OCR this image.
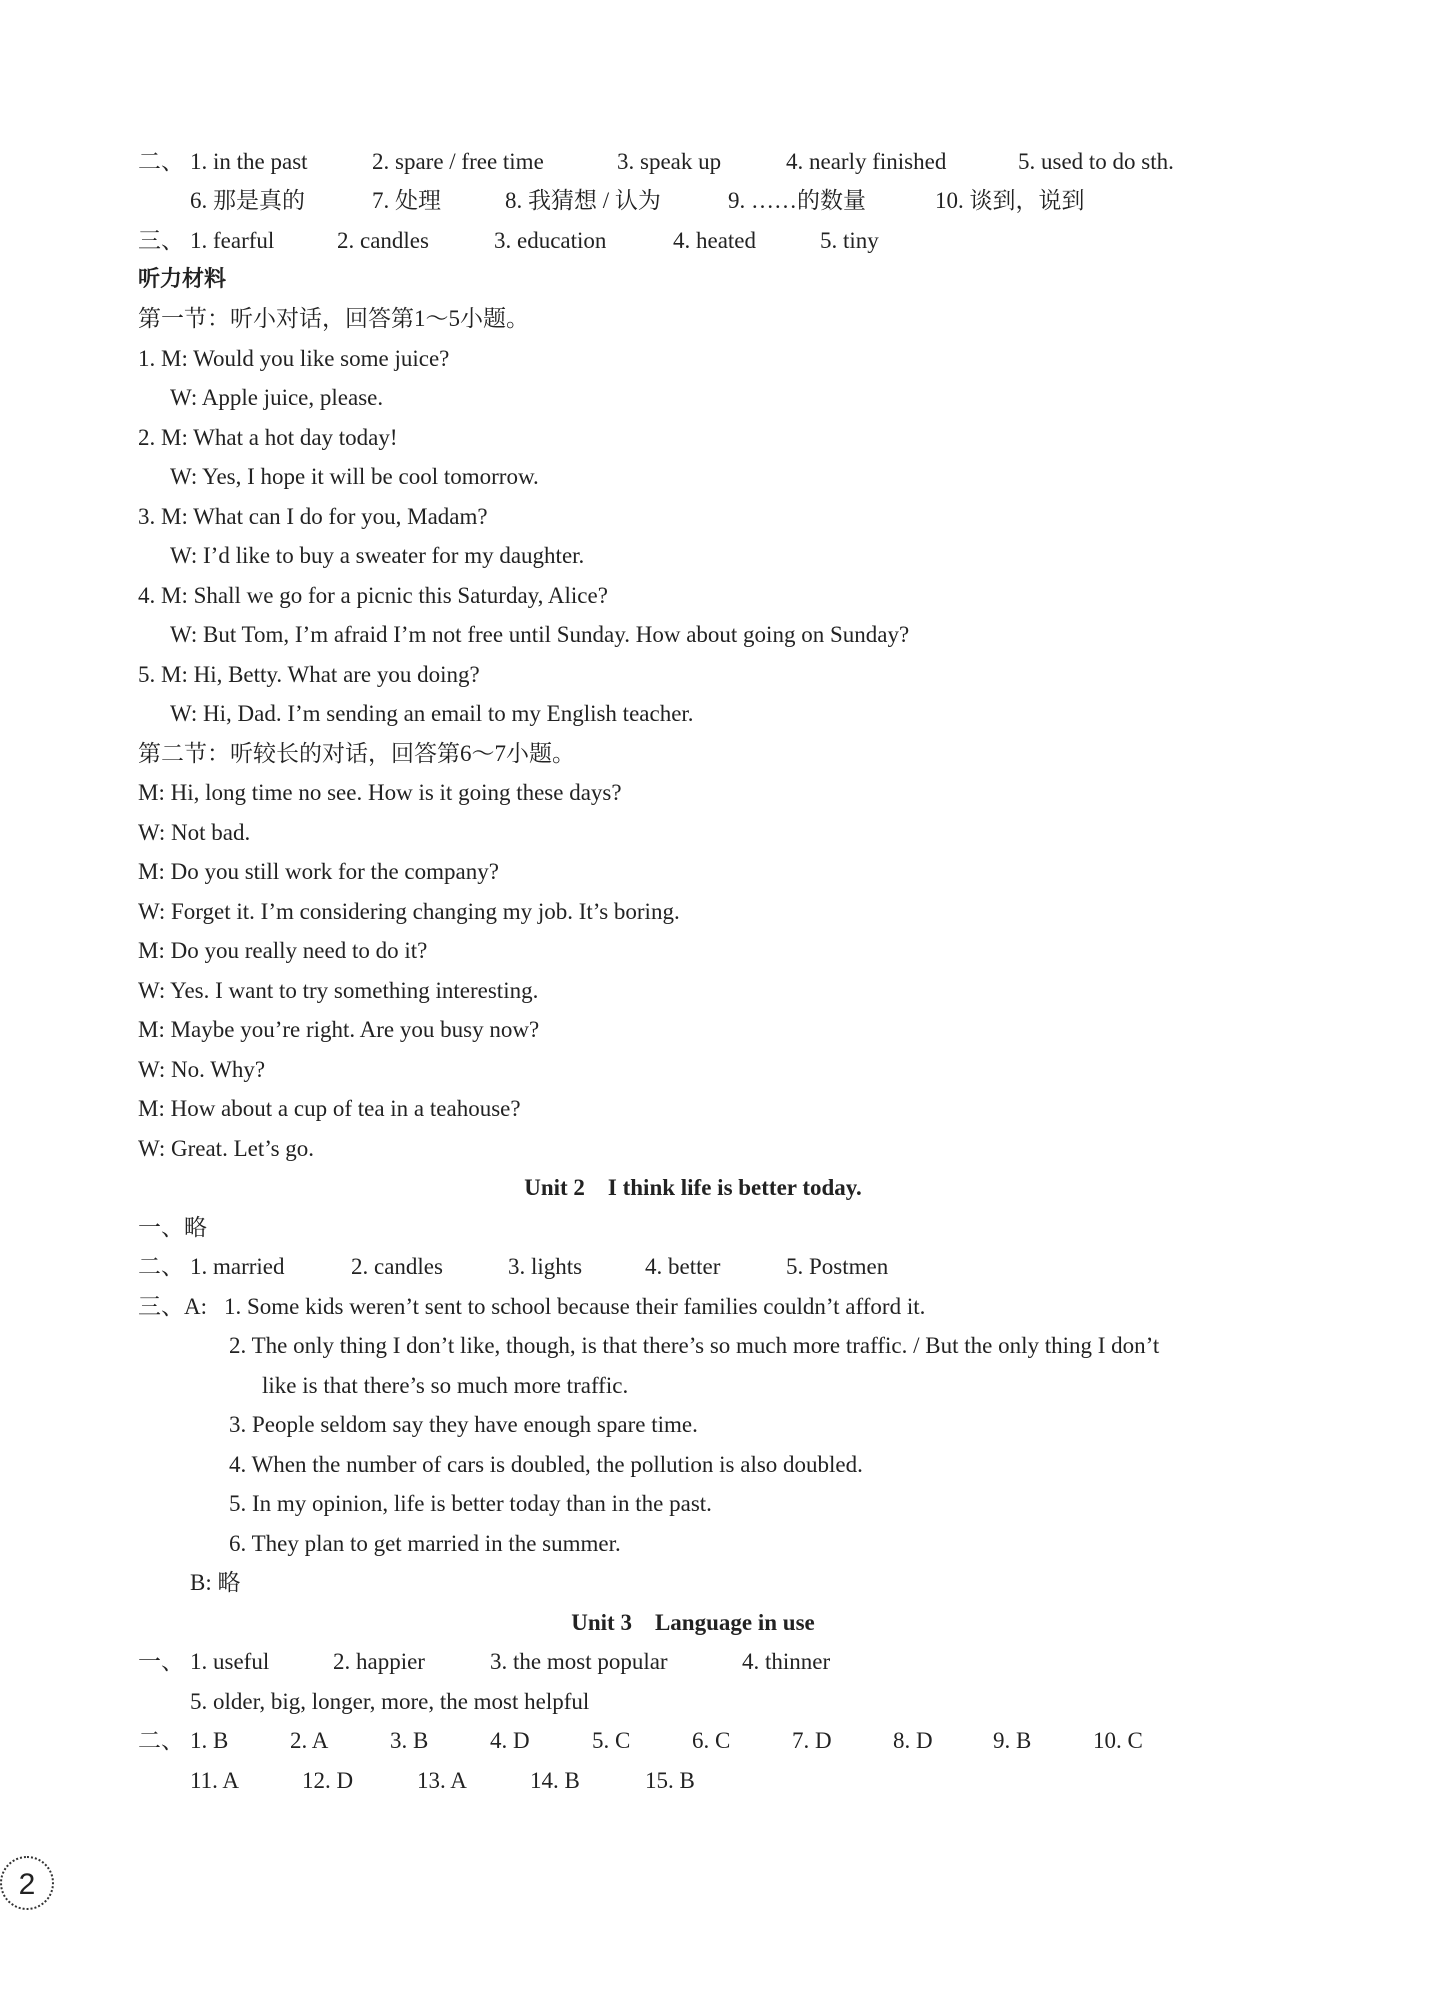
二、 1. in the past	2. spare / free time	3. speak up	4. nearly finished	5. used to do sth.
6. 那是真的	7. 处理	8. 我猜想 / 认为	9. ……的数量	10. 谈到，说到
三、 1. fearful	2. candles	3. education	4. heated	5. tiny
听力材料
第一节：听小对话，回答第1～5小题。
1. M: Would you like some juice?
W: Apple juice, please.
2. M: What a hot day today!
W: Yes, I hope it will be cool tomorrow.
3. M: What can I do for you, Madam?
W: I’d like to buy a sweater for my daughter.
4. M: Shall we go for a picnic this Saturday, Alice?
W: But Tom, I’m afraid I’m not free until Sunday. How about going on Sunday?
5. M: Hi, Betty. What are you doing?
W: Hi, Dad. I’m sending an email to my English teacher.
第二节：听较长的对话，回答第6～7小题。
M: Hi, long time no see. How is it going these days?
W: Not bad.
M: Do you still work for the company?
W: Forget it. I’m considering changing my job. It’s boring.
M: Do you really need to do it?
W: Yes. I want to try something interesting.
M: Maybe you’re right. Are you busy now?
W: No. Why?
M: How about a cup of tea in a teahouse?
W: Great. Let’s go.
Unit 2    I think life is better today.
一、略
二、 1. married	2. candles	3. lights	4. better	5. Postmen
三、A: 1. Some kids weren’t sent to school because their families couldn’t afford it.
2. The only thing I don’t like, though, is that there’s so much more traffic. / But the only thing I don’t
like is that there’s so much more traffic.
3. People seldom say they have enough spare time.
4. When the number of cars is doubled, the pollution is also doubled.
5. In my opinion, life is better today than in the past.
6. They plan to get married in the summer.
B: 略
Unit 3    Language in use
一、 1. useful	2. happier	3. the most popular	4. thinner
5. older, big, longer, more, the most helpful
二、 1. B	2. A	3. B	4. D	5. C	6. C	7. D	8. D	9. B	10. C
11. A	12. D	13. A	14. B	15. B
2
